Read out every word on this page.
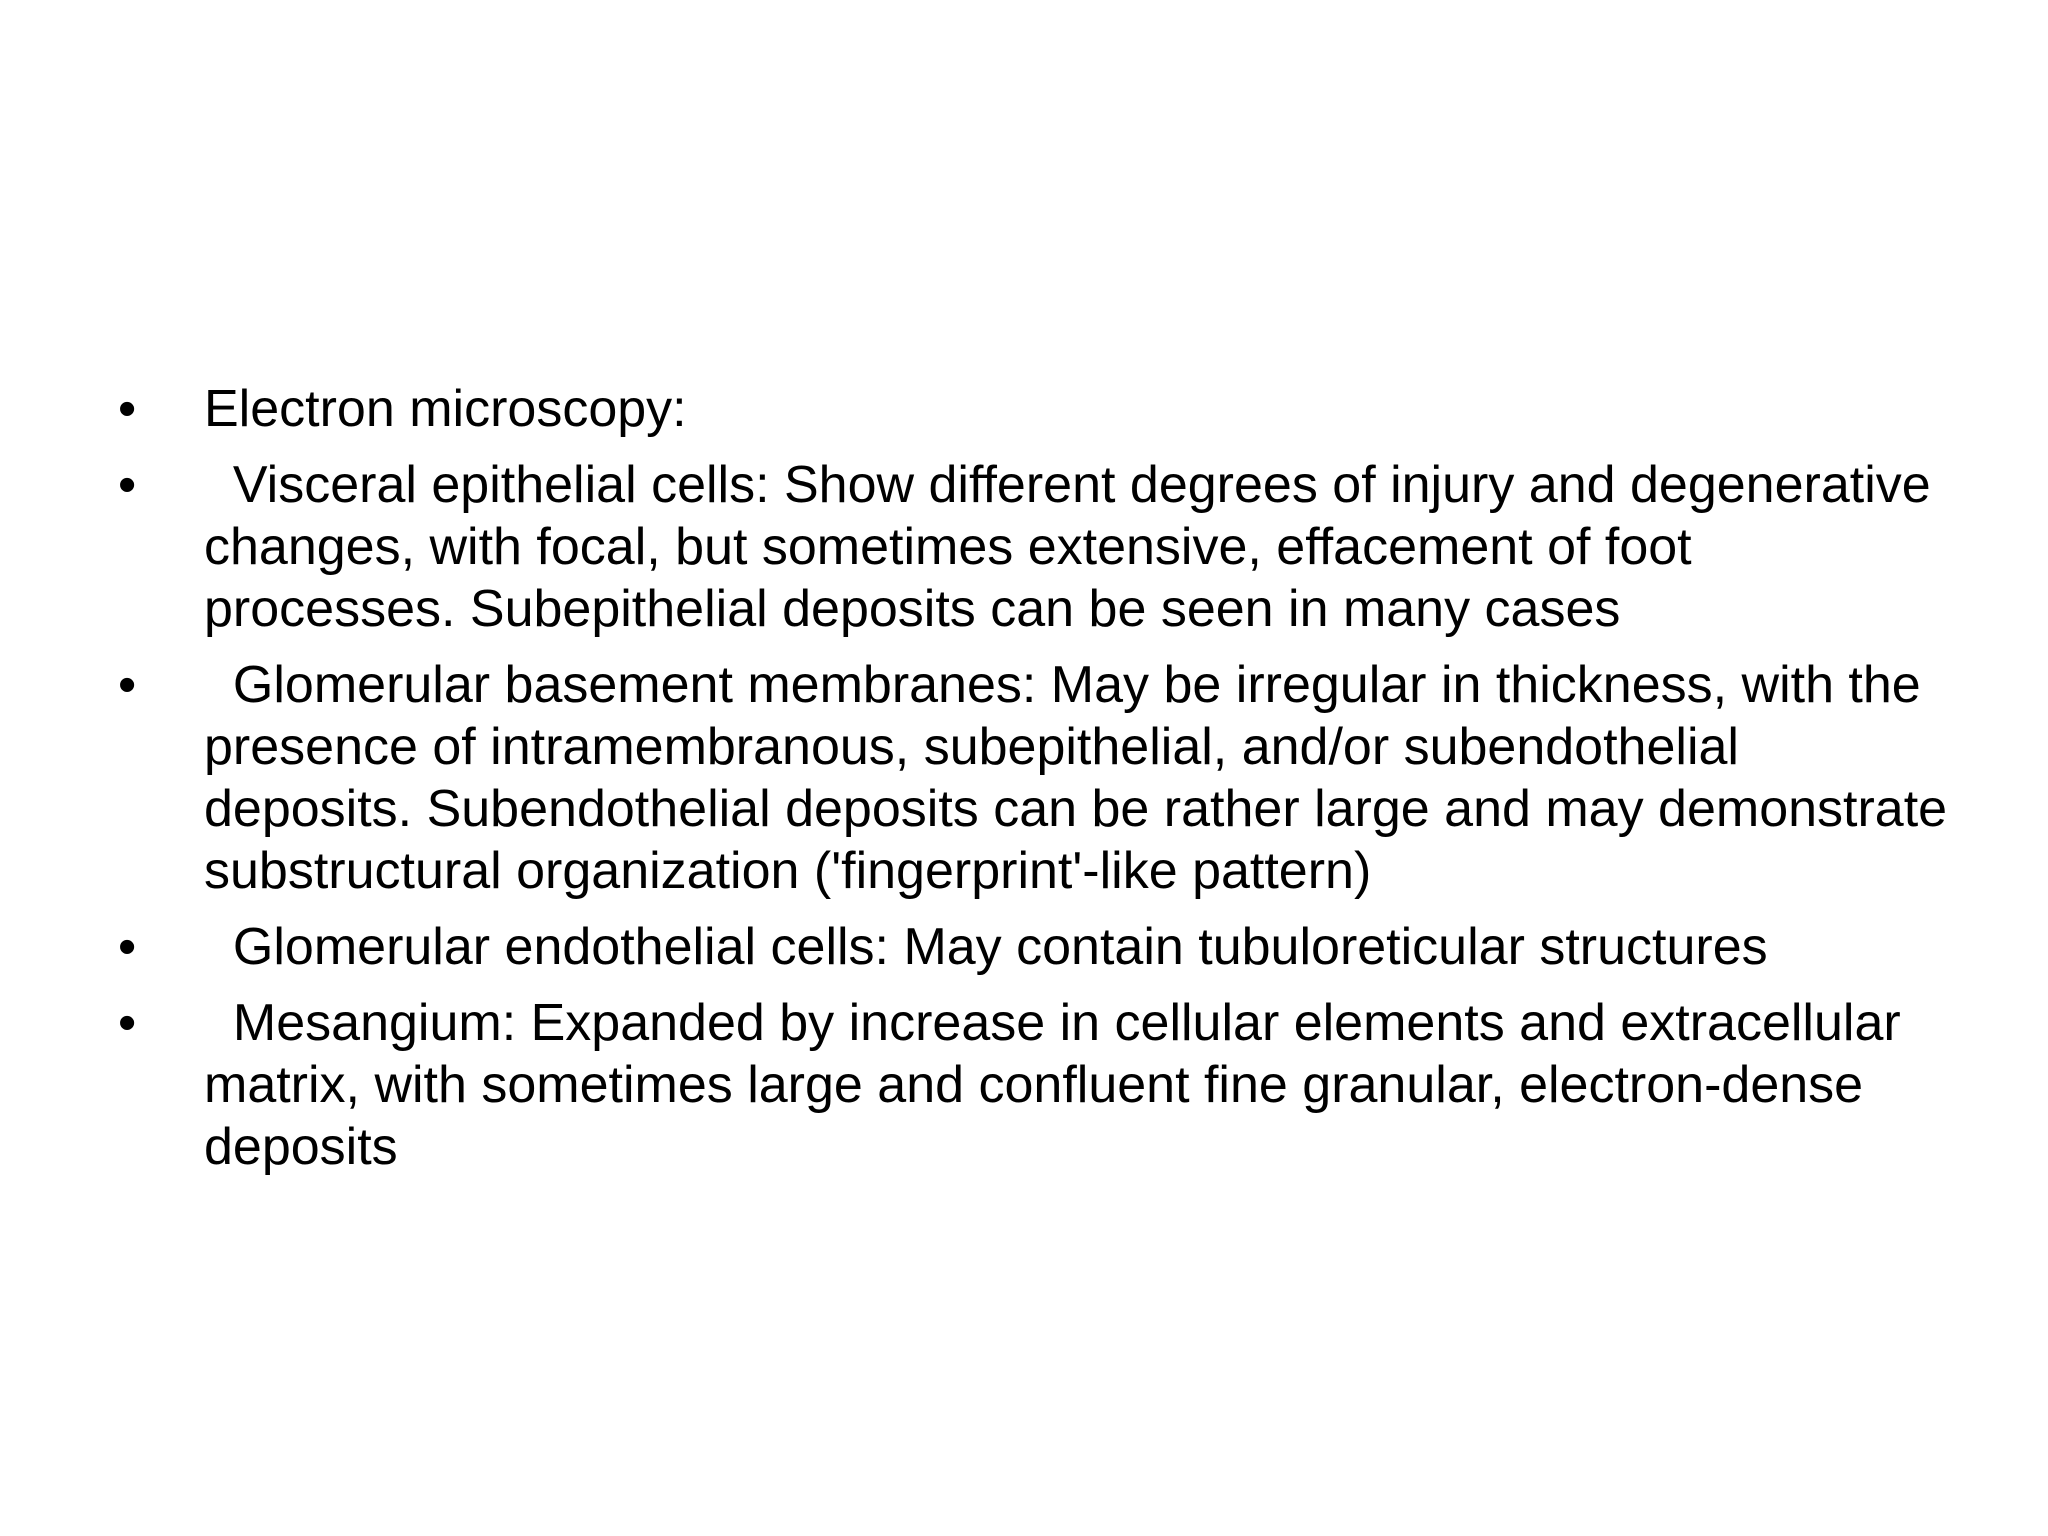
•	Electron microscopy:
•	Visceral epithelial cells: Show different degrees of injury and degenerative changes, with focal, but sometimes extensive, effacement of foot processes. Subepithelial deposits can be seen in many cases
•	Glomerular basement membranes: May be irregular in thickness, with the presence of intramembranous, subepithelial, and/or subendothelial deposits. Subendothelial deposits can be rather large and may demonstrate substructural organization ('fingerprint'-like pattern)
•	Glomerular endothelial cells: May contain tubuloreticular structures
•	Mesangium: Expanded by increase in cellular elements and extracellular matrix, with sometimes large and confluent fine granular, electron-dense deposits
